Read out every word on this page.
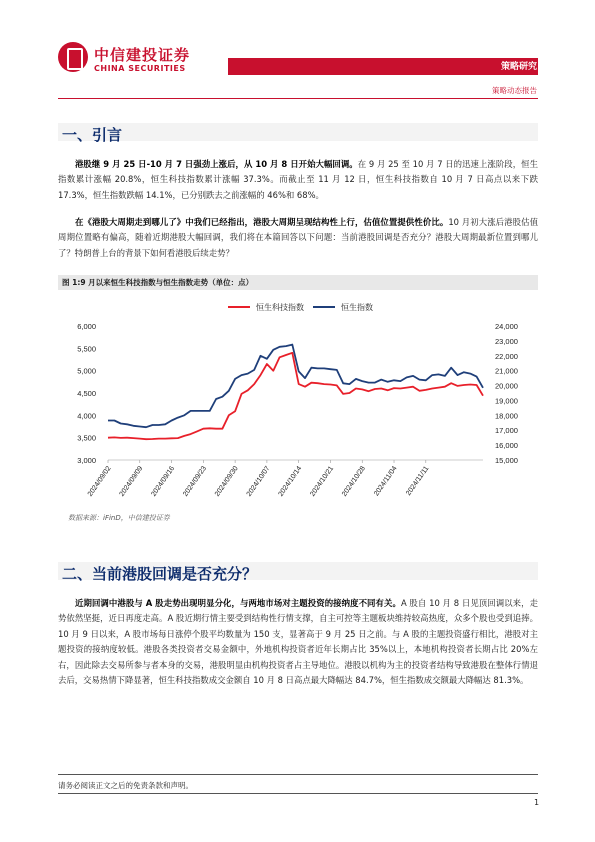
中信建投证券
CHINA SECURITIES	策略研究
策略动态报告
一、引言
港股继 9 月 25 日-10 月 7 日强劲上涨后，从 10 月 8 日开始大幅回调。在 9 月 25 至 10 月 7 日的迅速上涨阶段，恒生指数累计涨幅 20.8%，恒生科技指数累计涨幅 37.3%。而截止至 11 月 12 日，恒生科技指数自 10 月 7 日高点以来下跌 17.3%，恒生指数跌幅 14.1%，已分别跌去之前涨幅的 46%和 68%。
在《港股大周期走到哪儿了》中我们已经指出，港股大周期呈现结构性上行，估值位置提供性价比。10 月初大涨后港股估值周期位置略有偏高，随着近期港股大幅回调，我们将在本篇回答以下问题：当前港股回调是否充分？港股大周期最新位置到哪儿了？特朗普上台的背景下如何看港股后续走势？
图 1:9 月以来恒生科技指数与恒生指数走势（单位：点）
恒生科技指数	恒生指数
3,000
3,500
4,000
4,500
5,000
5,500
6,000
15,000
16,000
17,000
18,000
19,000
20,000
21,000
22,000
23,000
24,000
2024/09/02 2024/09/09 2024/09/16 2024/09/23 2024/09/30 2024/10/07 2024/10/14 2024/10/21 2024/10/28 2024/11/04 2024/11/11
数据来源：iFinD，中信建投证券
二、当前港股回调是否充分？
近期回调中港股与 A 股走势出现明显分化，与两地市场对主题投资的接纳度不同有关。A 股自 10 月 8 日见顶回调以来，走势依然坚挺，近日再度走高。A 股近期行情主要受到结构性行情支撑，自主可控等主题板块维持较高热度，众多个股也受到追捧。10 月 9 日以来，A 股市场每日涨停个股平均数量为 150 支，显著高于 9 月 25 日之前。与 A 股的主题投资盛行相比，港股对主题投资的接纳度较低。港股各类投资者交易金额中，外地机构投资者近年长期占比 35%以上，本地机构投资者长期占比 20%左右，因此除去交易所参与者本身的交易，港股明显由机构投资者占主导地位。港股以机构为主的投资者结构导致港股在整体行情退去后，交易热情下降显著，恒生科技指数成交金额自 10 月 8 日高点最大降幅达 84.7%，恒生指数成交额最大降幅达 81.3%。
请务必阅读正文之后的免责条款和声明。
1
